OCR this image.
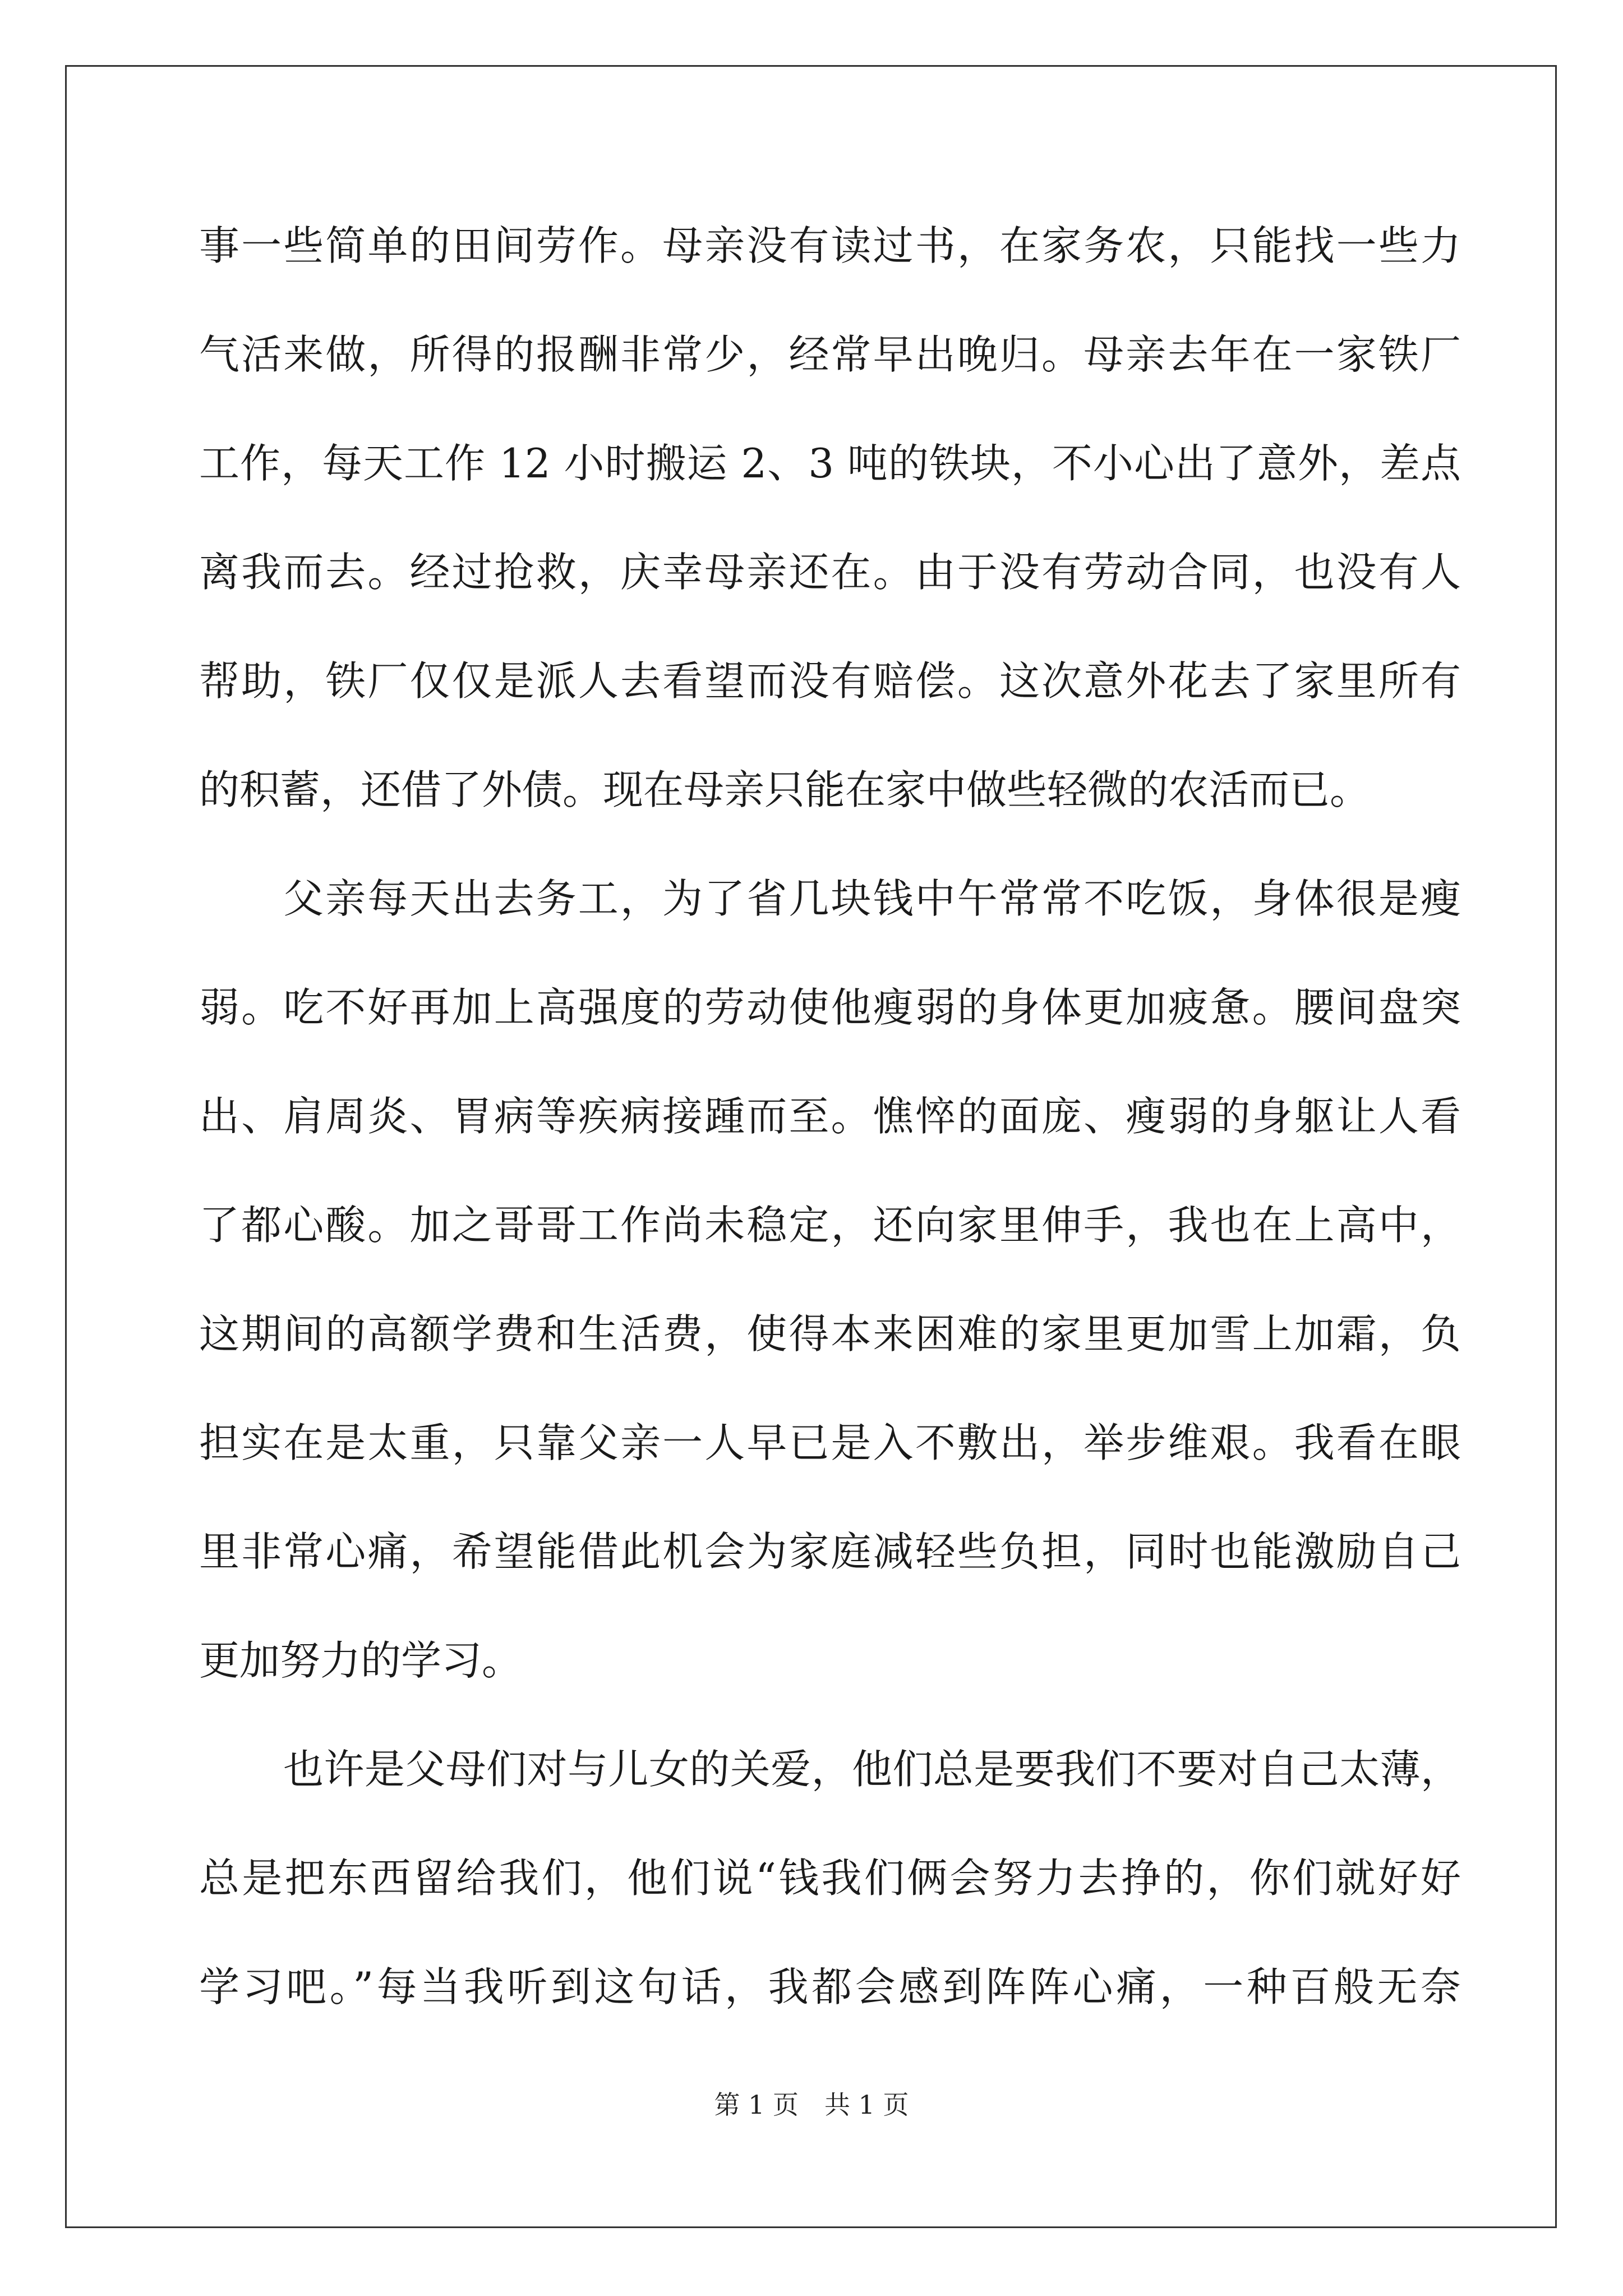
事一些简单的田间劳作。母亲没有读过书，在家务农，只能找一些力
气活来做，所得的报酬非常少，经常早出晚归。母亲去年在一家铁厂
工作，每天工作 12 小时搬运 2、3 吨的铁块，不小心出了意外，差点
离我而去。经过抢救，庆幸母亲还在。由于没有劳动合同，也没有人
帮助，铁厂仅仅是派人去看望而没有赔偿。这次意外花去了家里所有
的积蓄，还借了外债。现在母亲只能在家中做些轻微的农活而已。
父亲每天出去务工，为了省几块钱中午常常不吃饭，身体很是瘦
弱。吃不好再加上高强度的劳动使他瘦弱的身体更加疲惫。腰间盘突
出、肩周炎、胃病等疾病接踵而至。憔悴的面庞、瘦弱的身躯让人看
了都心酸。加之哥哥工作尚未稳定，还向家里伸手，我也在上高中，
这期间的高额学费和生活费，使得本来困难的家里更加雪上加霜，负
担实在是太重，只靠父亲一人早已是入不敷出，举步维艰。我看在眼
里非常心痛，希望能借此机会为家庭减轻些负担，同时也能激励自己
更加努力的学习。
也许是父母们对与儿女的关爱，他们总是要我们不要对自己太薄，
总是把东西留给我们，他们说“钱我们俩会努力去挣的，你们就好好
学习吧。”每当我听到这句话，我都会感到阵阵心痛，一种百般无奈
第 1 页　共 1 页
